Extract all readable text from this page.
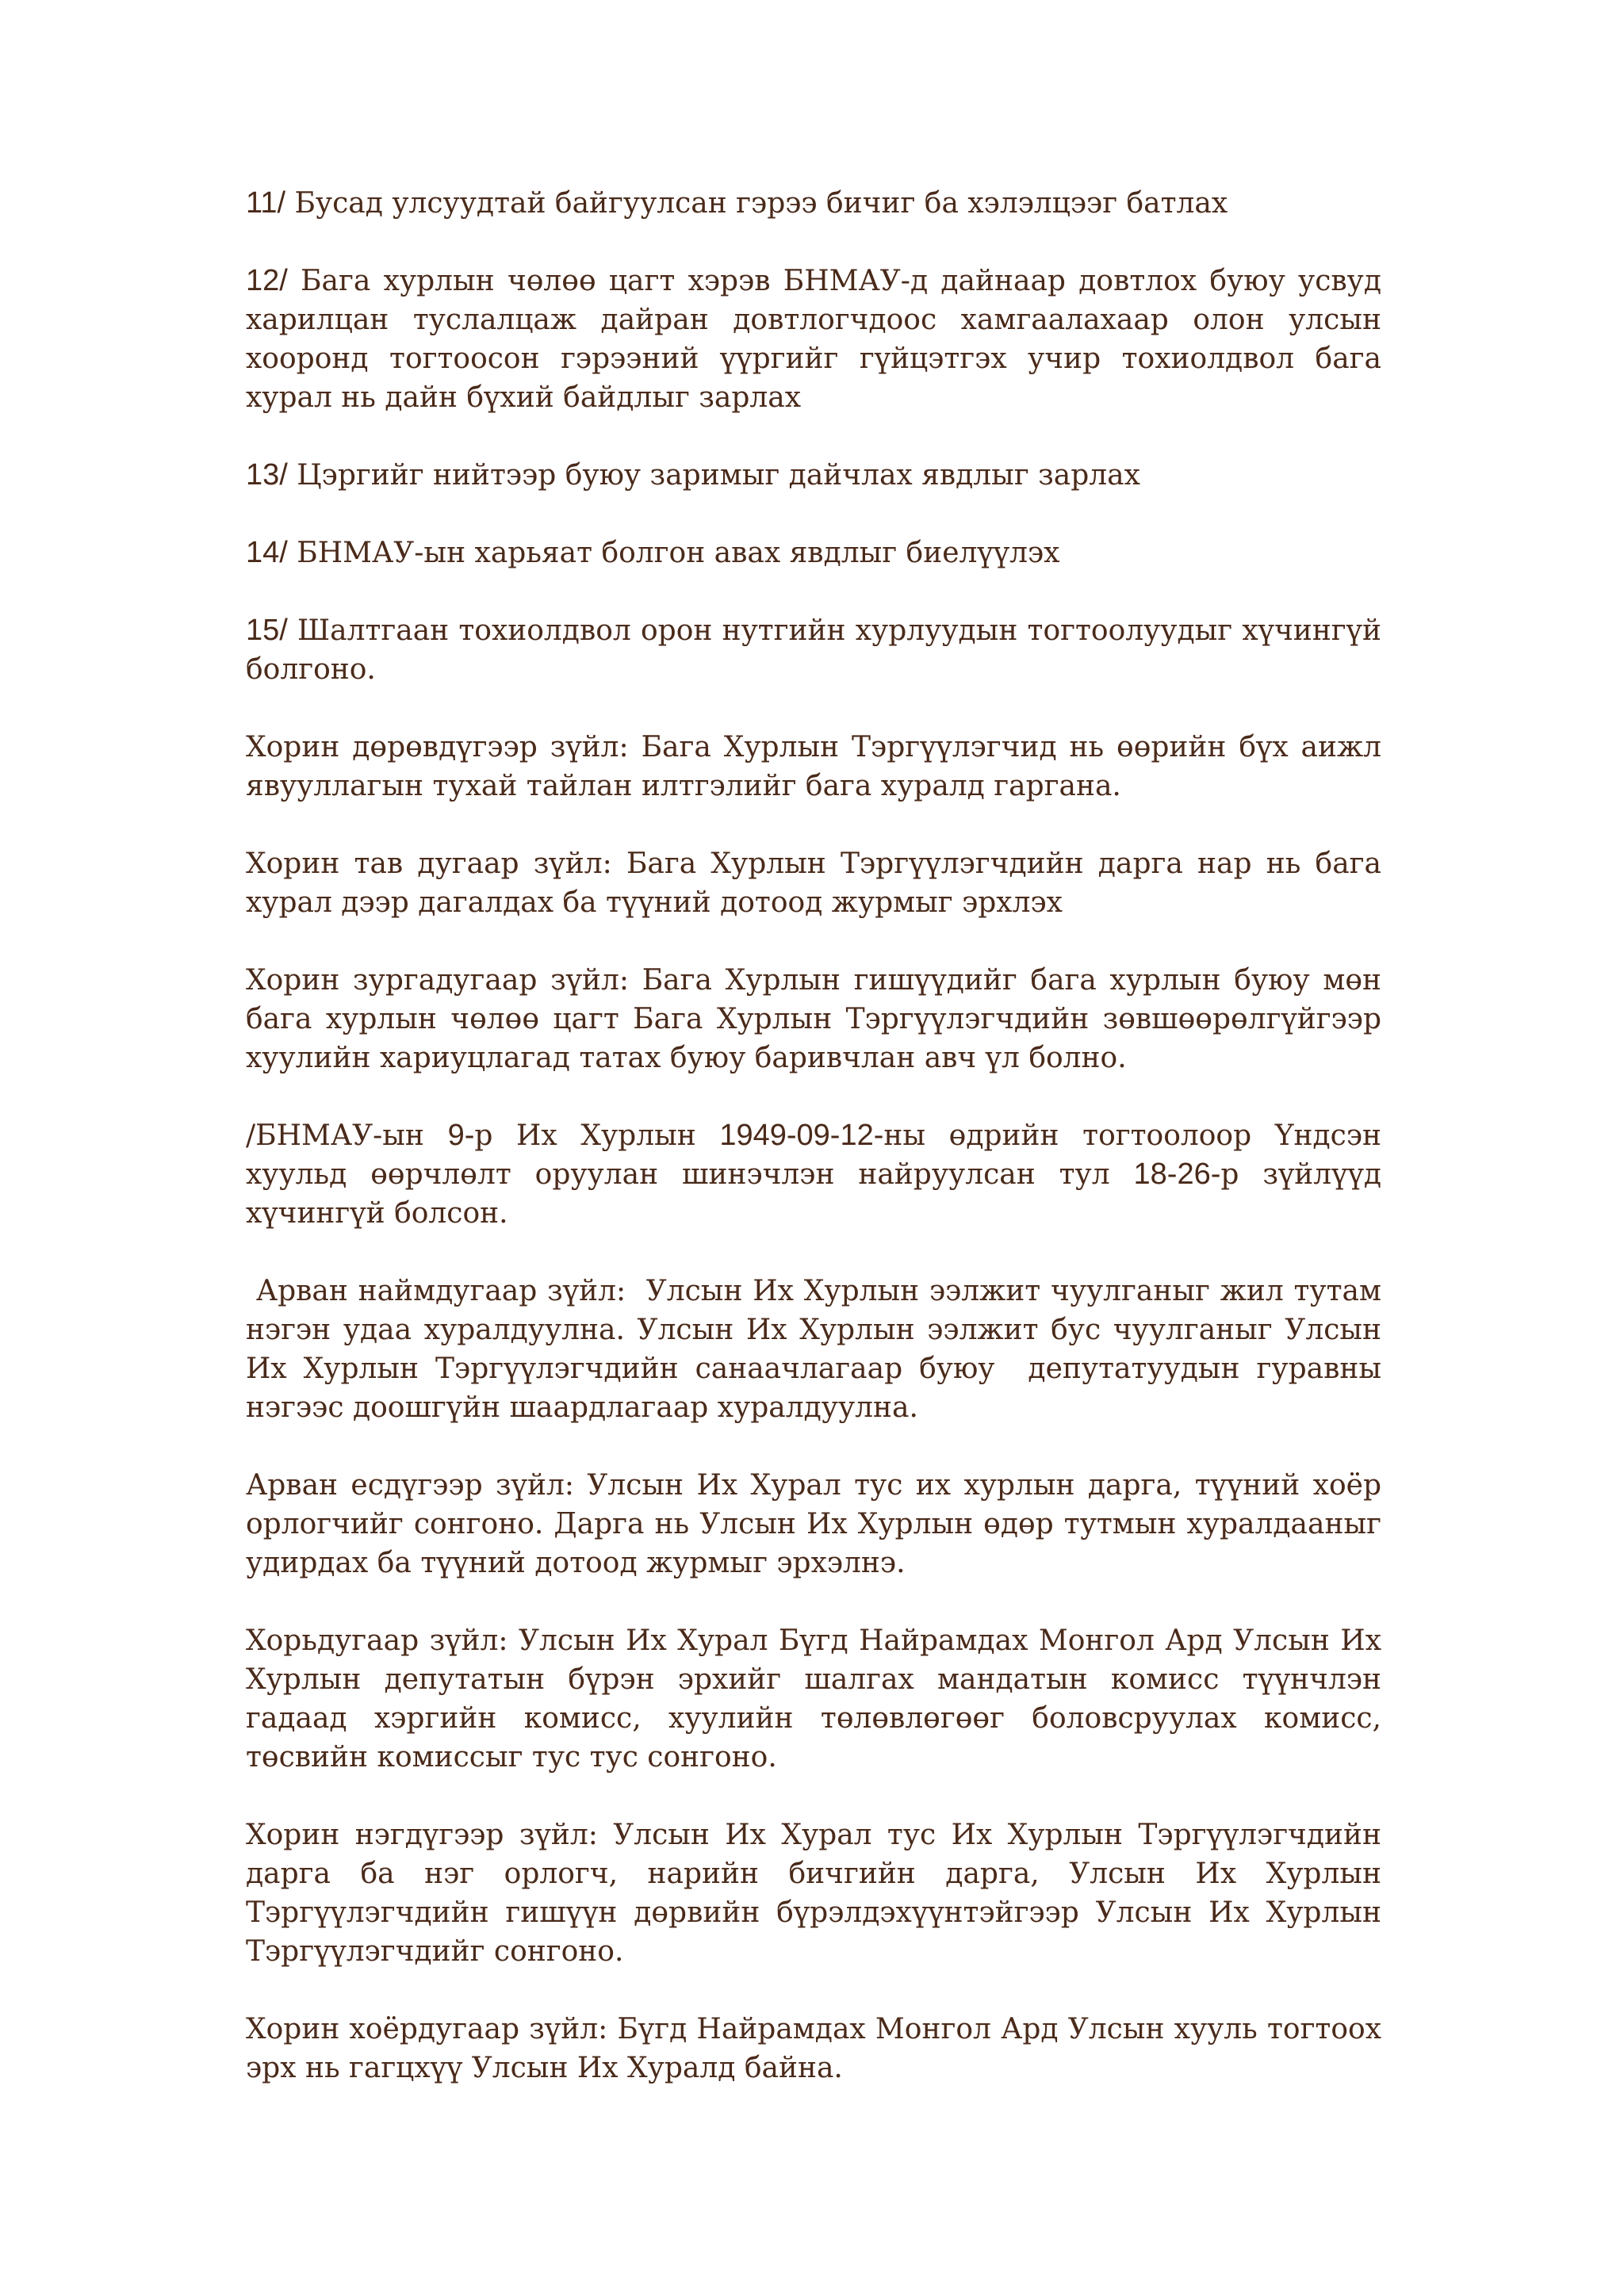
11/ Бусад улсуудтай байгуулсан гэрээ бичиг ба хэлэлцээг батлах

12/ Бага хурлын чөлөө цагт хэрэв БНМАУ-д дайнаар довтлох буюу усвуд харилцан туслалцаж дайран довтлогчдоос хамгаалахаар олон улсын хооронд тогтоосон гэрээний үүргийг гүйцэтгэх учир тохиолдвол бага хурал нь дайн бүхий байдлыг зарлах

13/ Цэргийг нийтээр буюу заримыг дайчлах явдлыг зарлах

14/ БНМАУ-ын харьяат болгон авах явдлыг биелүүлэх

15/ Шалтгаан тохиолдвол орон нутгийн хурлуудын тогтоолуудыг хүчингүй болгоно.

Хорин дөрөвдүгээр зүйл: Бага Хурлын Тэргүүлэгчид нь өөрийн бүх аижл явууллагын тухай тайлан илтгэлийг бага хуралд гаргана.

Хорин тав дугаар зүйл: Бага Хурлын Тэргүүлэгчдийн дарга нар нь бага хурал дээр дагалдах ба түүний дотоод журмыг эрхлэх

Хорин зургадугаар зүйл: Бага Хурлын гишүүдийг бага хурлын буюу мөн бага хурлын чөлөө цагт Бага Хурлын Тэргүүлэгчдийн зөвшөөрөлгүйгээр хуулийн хариуцлагад татах буюу баривчлан авч үл болно.

/БНМАУ-ын 9-р Их Хурлын 1949-09-12-ны өдрийн тогтоолоор Үндсэн хуульд өөрчлөлт оруулан шинэчлэн найруулсан тул 18-26-р зүйлүүд хүчингүй болсон.

Арван наймдугаар зүйл:  Улсын Их Хурлын ээлжит чуулганыг жил тутам нэгэн удаа хуралдуулна. Улсын Их Хурлын ээлжит бус чуулганыг Улсын Их Хурлын Тэргүүлэгчдийн санаачлагаар буюу  депутатуудын гуравны нэгээс доошгүйн шаардлагаар хуралдуулна.

Арван есдүгээр зүйл: Улсын Их Хурал тус их хурлын дарга, түүний хоёр орлогчийг сонгоно. Дарга нь Улсын Их Хурлын өдөр тутмын хуралдааныг удирдах ба түүний дотоод журмыг эрхэлнэ.

Хорьдугаар зүйл: Улсын Их Хурал Бүгд Найрамдах Монгол Ард Улсын Их Хурлын депутатын бүрэн эрхийг шалгах мандатын комисс түүнчлэн гадаад хэргийн комисс, хуулийн төлөвлөгөөг боловсруулах комисс, төсвийн комиссыг тус тус сонгоно.

Хорин нэгдүгээр зүйл: Улсын Их Хурал тус Их Хурлын Тэргүүлэгчдийн дарга ба нэг орлогч, нарийн бичгийн дарга, Улсын Их Хурлын Тэргүүлэгчдийн гишүүн дөрвийн бүрэлдэхүүнтэйгээр Улсын Их Хурлын Тэргүүлэгчдийг сонгоно.

Хорин хоёрдугаар зүйл: Бүгд Найрамдах Монгол Ард Улсын хууль тогтоох эрх нь гагцхүү Улсын Их Хуралд байна.
